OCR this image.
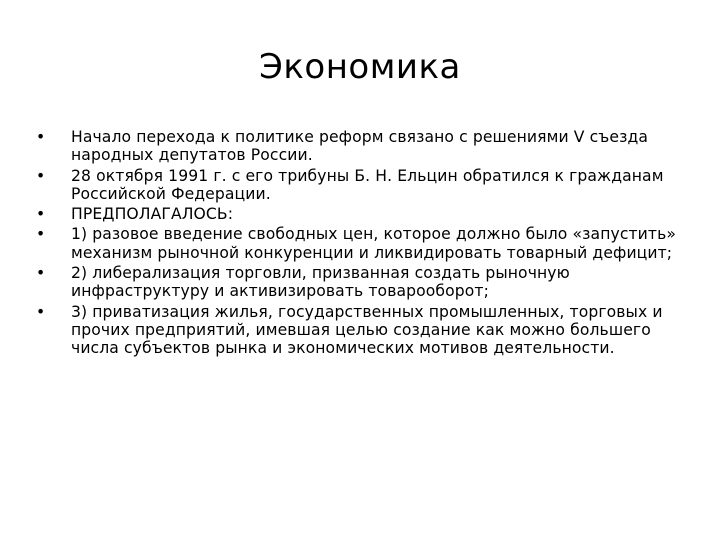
Экономика
• Начало перехода к политике реформ связано с решениями V съезда народных депутатов России.
• 28 октября 1991 г. с его трибуны Б. Н. Ельцин обратился к гражданам Российской Федерации.
• ПРЕДПОЛАГАЛОСЬ:
• 1) разовое введение свободных цен, которое должно было «запустить» механизм рыночной конкуренции и ликвидировать товарный дефицит;
• 2) либерализация торговли, призванная создать рыночную инфраструктуру и активизировать товарооборот;
• 3) приватизация жилья, государственных промышленных, торговых и прочих предприятий, имевшая целью создание как можно большего числа субъектов рынка и экономических мотивов деятельности.
